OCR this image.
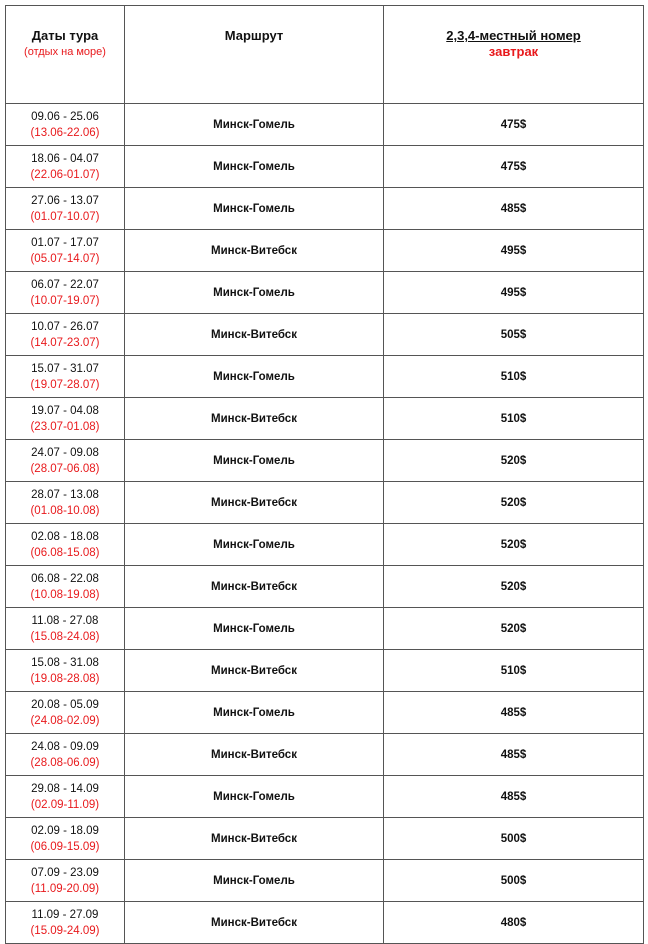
Даты тура
(отдых на море)	Маршрут	2,3,4-местный номер
завтрак

09.06 - 25.06
(13.06-22.06)	Минск-Гомель	475$

18.06 - 04.07
(22.06-01.07)	Минск-Гомель	475$

27.06 - 13.07
(01.07-10.07)	Минск-Гомель	485$

01.07 - 17.07
(05.07-14.07)	Минск-Витебск	495$

06.07 - 22.07
(10.07-19.07)	Минск-Гомель	495$

10.07 - 26.07
(14.07-23.07)	Минск-Витебск	505$

15.07 - 31.07
(19.07-28.07)	Минск-Гомель	510$

19.07 - 04.08
(23.07-01.08)	Минск-Витебск	510$

24.07 - 09.08
(28.07-06.08)	Минск-Гомель	520$

28.07 - 13.08
(01.08-10.08)	Минск-Витебск	520$

02.08 - 18.08
(06.08-15.08)	Минск-Гомель	520$

06.08 - 22.08
(10.08-19.08)	Минск-Витебск	520$

11.08 - 27.08
(15.08-24.08)	Минск-Гомель	520$

15.08 - 31.08
(19.08-28.08)	Минск-Витебск	510$

20.08 - 05.09
(24.08-02.09)	Минск-Гомель	485$

24.08 - 09.09
(28.08-06.09)	Минск-Витебск	485$

29.08 - 14.09
(02.09-11.09)	Минск-Гомель	485$

02.09 - 18.09
(06.09-15.09)	Минск-Витебск	500$

07.09 - 23.09
(11.09-20.09)	Минск-Гомель	500$

11.09 - 27.09
(15.09-24.09)	Минск-Витебск	480$
